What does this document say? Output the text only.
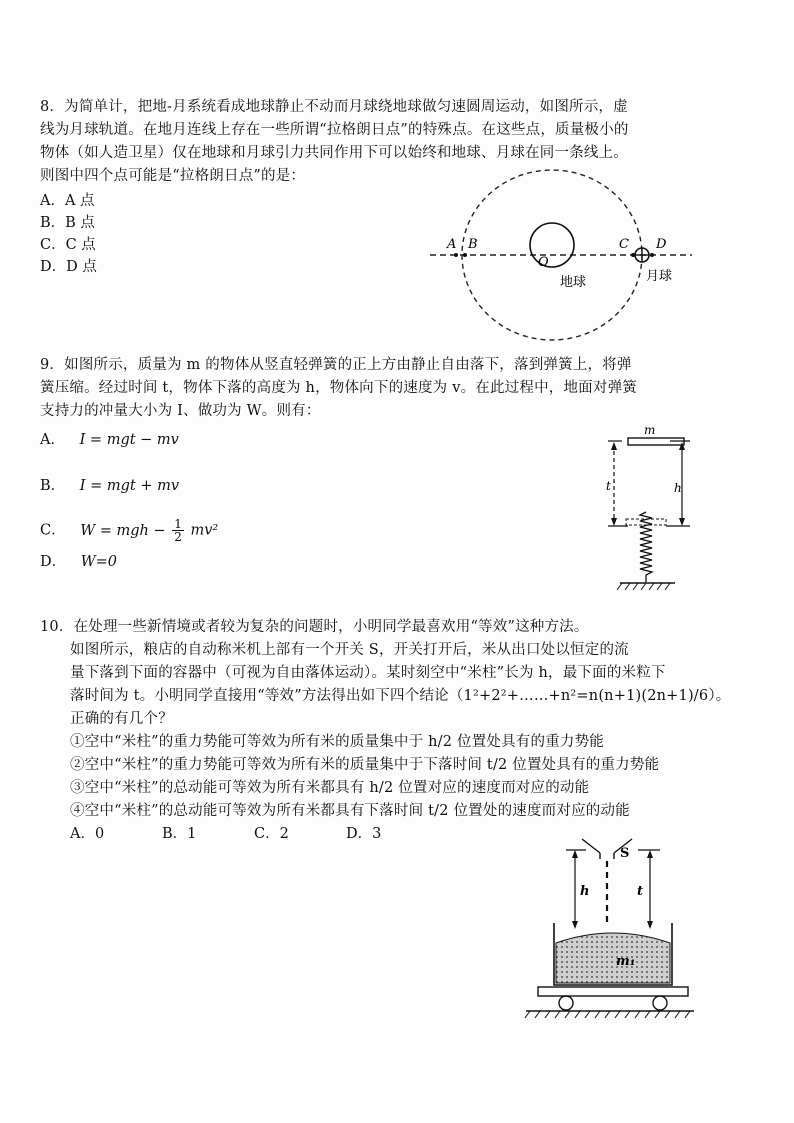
8．为简单计，把地-月系统看成地球静止不动而月球绕地球做匀速圆周运动，如图所示，虚
线为月球轨道。在地月连线上存在一些所谓“拉格朗日点”的特殊点。在这些点，质量极小的
物体（如人造卫星）仅在地球和月球引力共同作用下可以始终和地球、月球在同一条线上。
则图中四个点可能是“拉格朗日点”的是：
A．A 点
B．B 点
C．C 点
D．D 点
A B	C D
O
地球	月球
9．如图所示，质量为 m 的物体从竖直轻弹簧的正上方由静止自由落下，落到弹簧上，将弹
簧压缩。经过时间 t，物体下落的高度为 h，物体向下的速度为 v。在此过程中，地面对弹簧
支持力的冲量大小为 I、做功为 W。则有：
A． I = mgt − mv
B． I = mgt + mv
C． W = mgh − $\frac{1}{2} mv^2$
D． W=0
m
t	h
10．在处理一些新情境或者较为复杂的问题时，小明同学最喜欢用“等效”这种方法。
如图所示，粮店的自动称米机上部有一个开关 S，开关打开后，米从出口处以恒定的流
量下落到下面的容器中（可视为自由落体运动）。某时刻空中“米柱”长为 h，最下面的米粒下
落时间为 t。小明同学直接用“等效”方法得出如下四个结论（1²+2²+……+n²=n(n+1)(2n+1)/6）。
正确的有几个？
①空中“米柱”的重力势能可等效为所有米的质量集中于 h/2 位置处具有的重力势能
②空中“米柱”的重力势能可等效为所有米的质量集中于下落时间 t/2 位置处具有的重力势能
③空中“米柱”的总动能可等效为所有米都具有 h/2 位置对应的速度而对应的动能
④空中“米柱”的总动能可等效为所有米都具有下落时间 t/2 位置处的速度而对应的动能
A．0	B．1	C．2	D．3
S
h	t
m₁
